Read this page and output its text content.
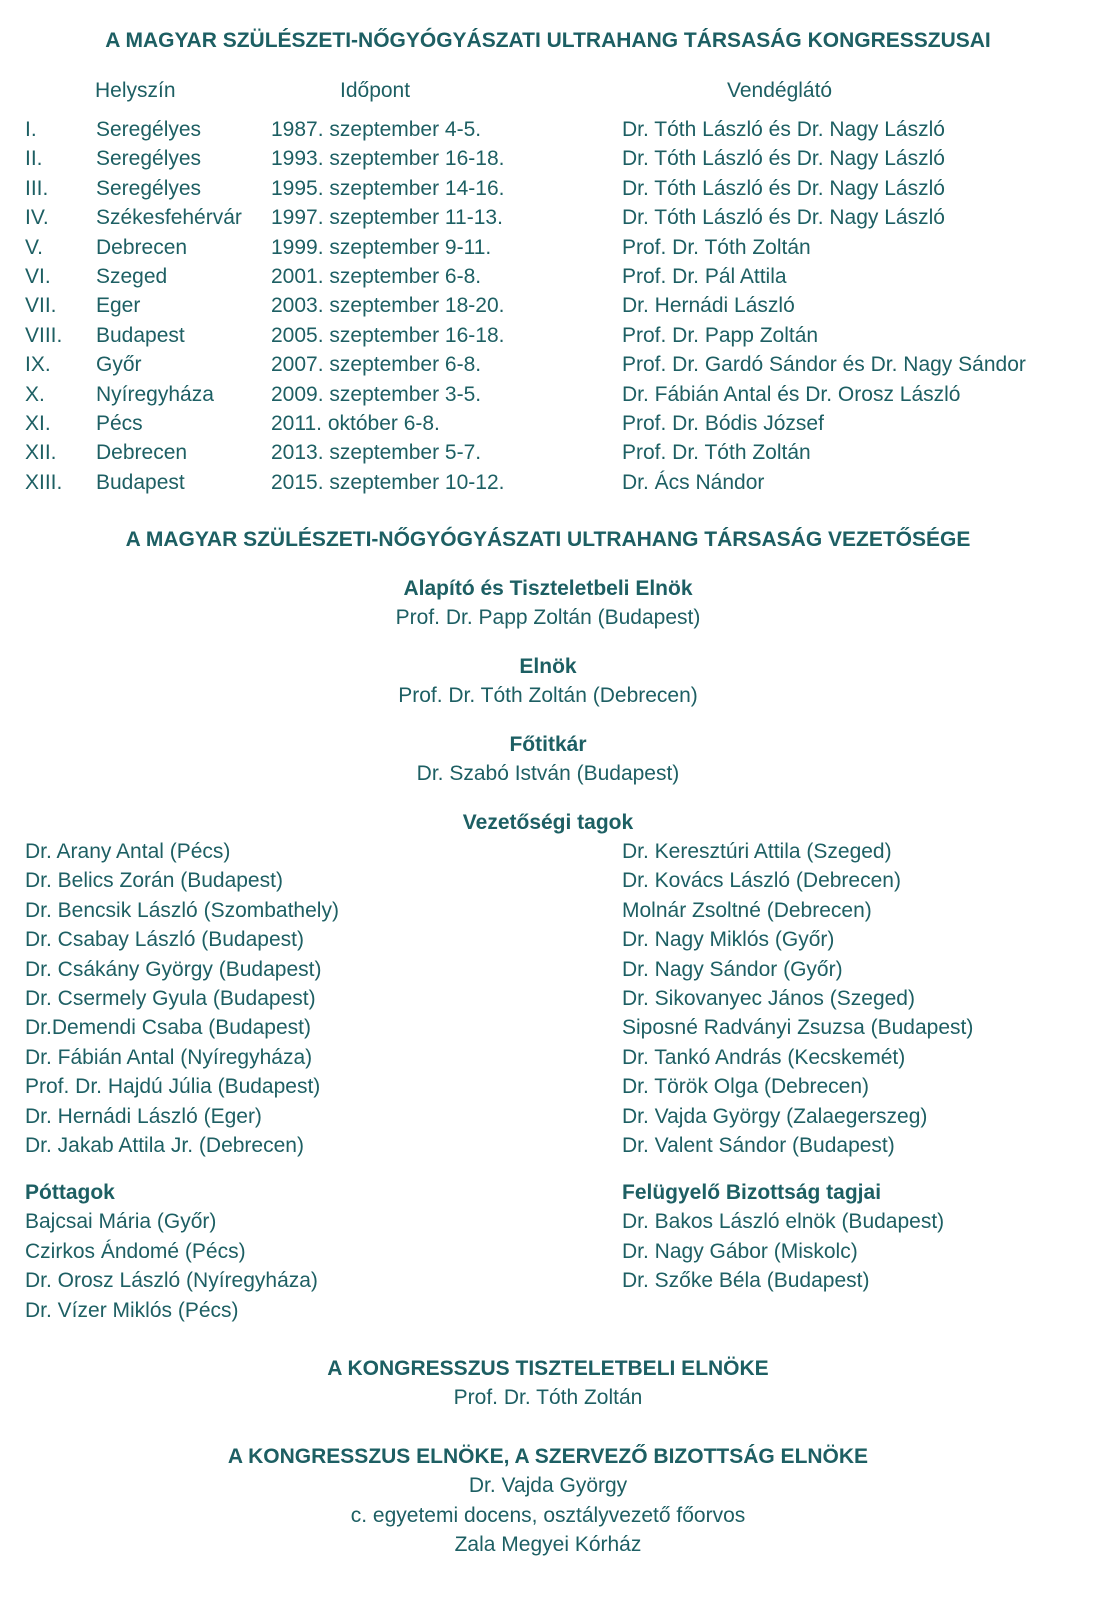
A MAGYAR SZÜLÉSZETI-NŐGYÓGYÁSZATI ULTRAHANG TÁRSASÁG KONGRESSZUSAI
Helyszín	Időpont	Vendéglátó
I.	Seregélyes	1987. szeptember 4-5.	Dr. Tóth László és Dr. Nagy László
II.	Seregélyes	1993. szeptember 16-18.	Dr. Tóth László és Dr. Nagy László
III. Seregélyes	1995. szeptember 14-16.	Dr. Tóth László és Dr. Nagy László
IV. Székesfehérvár 1997. szeptember 11-13.	Dr. Tóth László és Dr. Nagy László
V.	Debrecen	1999. szeptember 9-11.	Prof. Dr. Tóth Zoltán
VI. Szeged	2001. szeptember 6-8.	Prof. Dr. Pál Attila
VII. Eger	2003. szeptember 18-20.	Dr. Hernádi László
VIII. Budapest	2005. szeptember 16-18.	Prof. Dr. Papp Zoltán
IX. Győr	2007. szeptember 6-8.	Prof. Dr. Gardó Sándor és Dr. Nagy Sándor
X. Nyíregyháza	2009. szeptember 3-5.	Dr. Fábián Antal és Dr. Orosz László
XI. Pécs	2011. október 6-8.	Prof. Dr. Bódis József
XII. Debrecen	2013. szeptember 5-7.	Prof. Dr. Tóth Zoltán
XIII. Budapest	2015. szeptember 10-12.	Dr. Ács Nándor
A MAGYAR SZÜLÉSZETI-NŐGYÓGYÁSZATI ULTRAHANG TÁRSASÁG VEZETŐSÉGE
Alapító és Tiszteletbeli Elnök
Prof. Dr. Papp Zoltán (Budapest)
Elnök
Prof. Dr. Tóth Zoltán (Debrecen)
Főtitkár
Dr. Szabó István (Budapest)
Vezetőségi tagok
Dr. Arany Antal (Pécs)
Dr. Belics Zorán (Budapest)
Dr. Bencsik László (Szombathely)
Dr. Csabay László (Budapest)
Dr. Csákány György (Budapest)
Dr. Csermely Gyula (Budapest)
Dr.Demendi Csaba (Budapest)
Dr. Fábián Antal (Nyíregyháza)
Prof. Dr. Hajdú Júlia (Budapest)
Dr. Hernádi László (Eger)
Dr. Jakab Attila Jr. (Debrecen)
Dr. Keresztúri Attila (Szeged)
Dr. Kovács László (Debrecen)
Molnár Zsoltné (Debrecen)
Dr. Nagy Miklós (Győr)
Dr. Nagy Sándor (Győr)
Dr. Sikovanyec János (Szeged)
Siposné Radványi Zsuzsa (Budapest)
Dr. Tankó András (Kecskemét)
Dr. Török Olga (Debrecen)
Dr. Vajda György (Zalaegerszeg)
Dr. Valent Sándor (Budapest)
Póttagok
Bajcsai Mária (Győr)
Czirkos Ándomé (Pécs)
Dr. Orosz László (Nyíregyháza)
Dr. Vízer Miklós (Pécs)
Felügyelő Bizottság tagjai
Dr. Bakos László elnök (Budapest)
Dr. Nagy Gábor (Miskolc)
Dr. Szőke Béla (Budapest)
A KONGRESSZUS TISZTELETBELI ELNÖKE
Prof. Dr. Tóth Zoltán
A KONGRESSZUS ELNÖKE, A SZERVEZŐ BIZOTTSÁG ELNÖKE
Dr. Vajda György
c. egyetemi docens, osztályvezető főorvos
Zala Megyei Kórház
